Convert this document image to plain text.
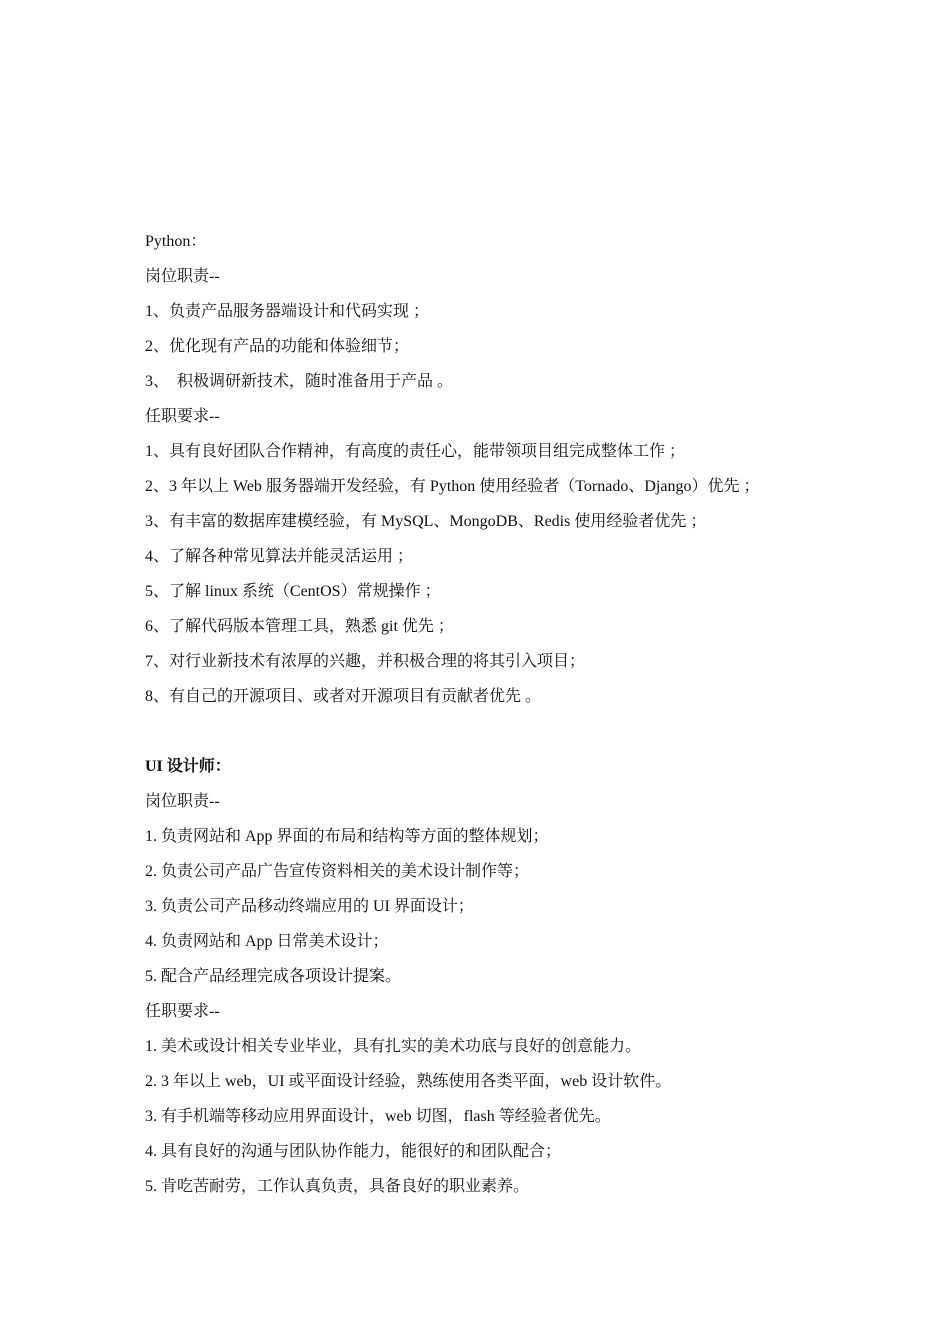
Python：
岗位职责--
1、负责产品服务器端设计和代码实现 ；
2、优化现有产品的功能和体验细节；
3、  积极调研新技术，随时准备用于产品 。
任职要求--
1、具有良好团队合作精神，有高度的责任心，能带领项目组完成整体工作 ；
2、3 年以上 Web 服务器端开发经验，有 Python 使用经验者（Tornado、Django）优先 ；
3、有丰富的数据库建模经验，有 MySQL、MongoDB、Redis 使用经验者优先 ；
4、了解各种常见算法并能灵活运用 ；
5、了解 linux 系统（CentOS）常规操作 ；
6、了解代码版本管理工具，熟悉 git 优先 ；
7、对行业新技术有浓厚的兴趣，并积极合理的将其引入项目；
8、有自己的开源项目、或者对开源项目有贡献者优先 。
UI 设计师：
岗位职责--
1. 负责网站和 App 界面的布局和结构等方面的整体规划；
2. 负责公司产品广告宣传资料相关的美术设计制作等；
3. 负责公司产品移动终端应用的 UI 界面设计；
4. 负责网站和 App 日常美术设计；
5. 配合产品经理完成各项设计提案。
任职要求--
1. 美术或设计相关专业毕业，具有扎实的美术功底与良好的创意能力。
2. 3 年以上 web，UI 或平面设计经验，熟练使用各类平面，web 设计软件。
3. 有手机端等移动应用界面设计，web 切图，flash 等经验者优先。
4. 具有良好的沟通与团队协作能力，能很好的和团队配合；
5. 肯吃苦耐劳，工作认真负责，具备良好的职业素养。
